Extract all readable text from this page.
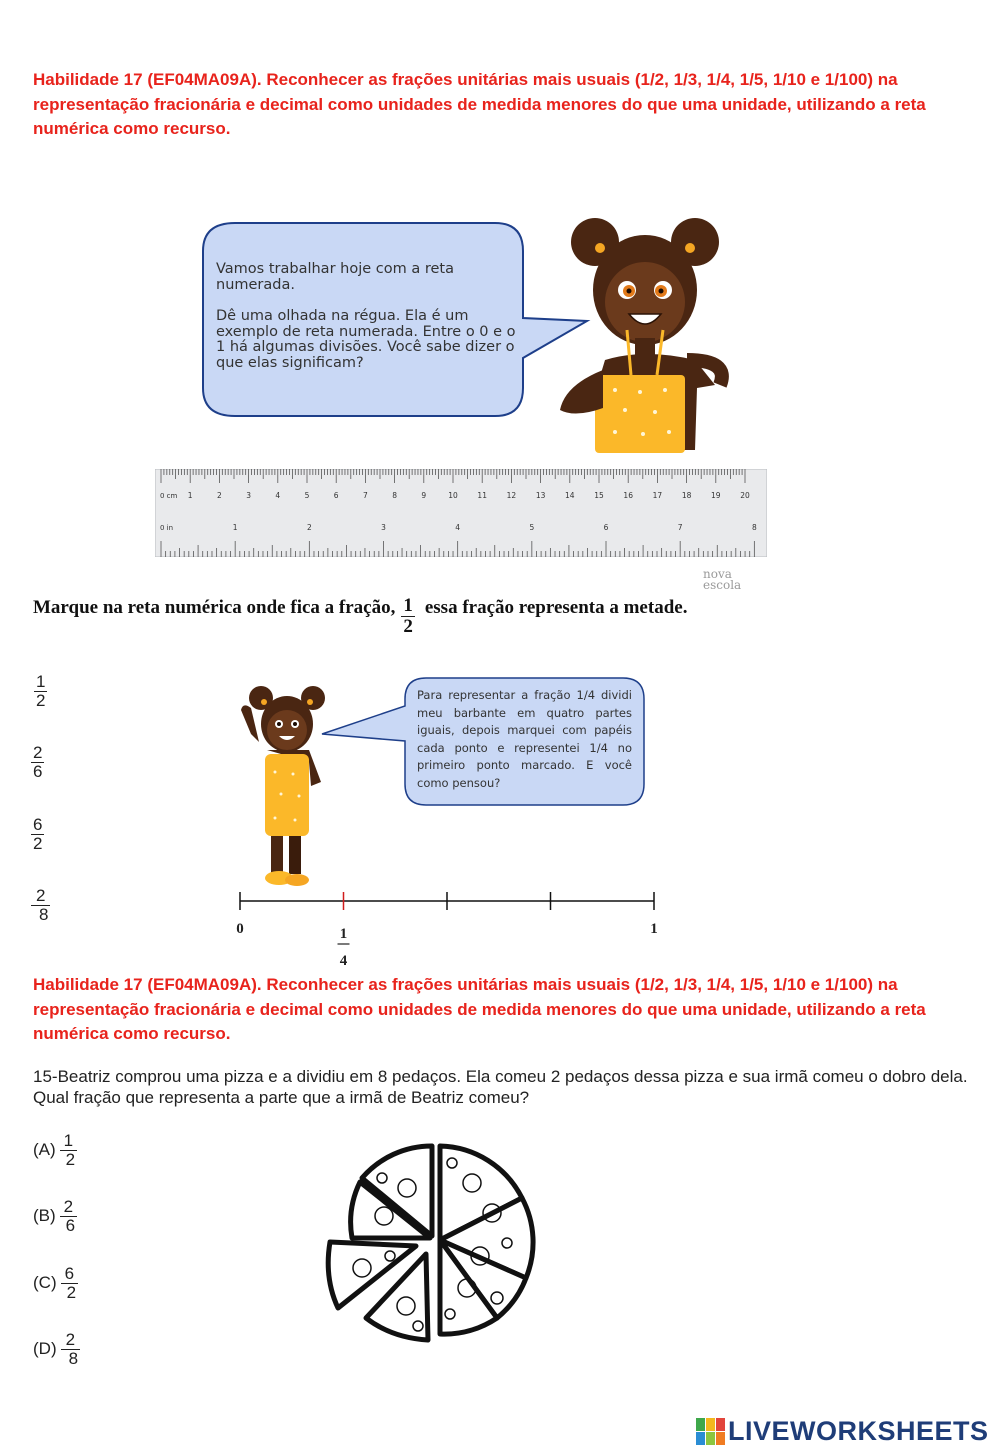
Habilidade 17 (EF04MA09A). Reconhecer as frações unitárias mais usuais (1/2, 1/3, 1/4, 1/5, 1/10 e 1/100) na representação fracionária e decimal como unidades de medida menores do que uma unidade, utilizando a reta numérica como recurso.
Vamos trabalhar hoje com a reta numerada.
Dê uma olhada na régua. Ela é um exemplo de reta numerada. Entre o 0 e o 1 há algumas divisões. Você sabe dizer o que elas significam?
0 cm
0 in
1	2	3	4	5	6	7	8	9	10	11	12	13	14	15	16	17	18	19	20
1	2	3	4	5	6	7	8
nova
escola
Marque na reta numérica onde fica a fração, $\frac{1}{2}$ essa fração representa a metade.
$\frac{1}{2}$
$\frac{2}{6}$
$\frac{6}{2}$
$\frac{2}{8}$
Para representar a fração 1/4 dividi meu barbante em quatro partes iguais, depois marquei com papéis cada ponto e representei 1/4 no primeiro ponto marcado. E você como pensou?
0	1
1
4
Habilidade 17 (EF04MA09A). Reconhecer as frações unitárias mais usuais (1/2, 1/3, 1/4, 1/5, 1/10 e 1/100) na representação fracionária e decimal como unidades de medida menores do que uma unidade, utilizando a reta numérica como recurso.
15-Beatriz comprou uma pizza e a dividiu em 8 pedaços. Ela comeu 2 pedaços dessa pizza e sua irmã comeu o dobro dela. Qual fração que representa a parte que a irmã de Beatriz comeu?
$(A) \frac{1}{2}$
$(B) \frac{2}{6}$
$(C) \frac{6}{2}$
$(D) \frac{2}{8}$
LIVEWORKSHEETS
